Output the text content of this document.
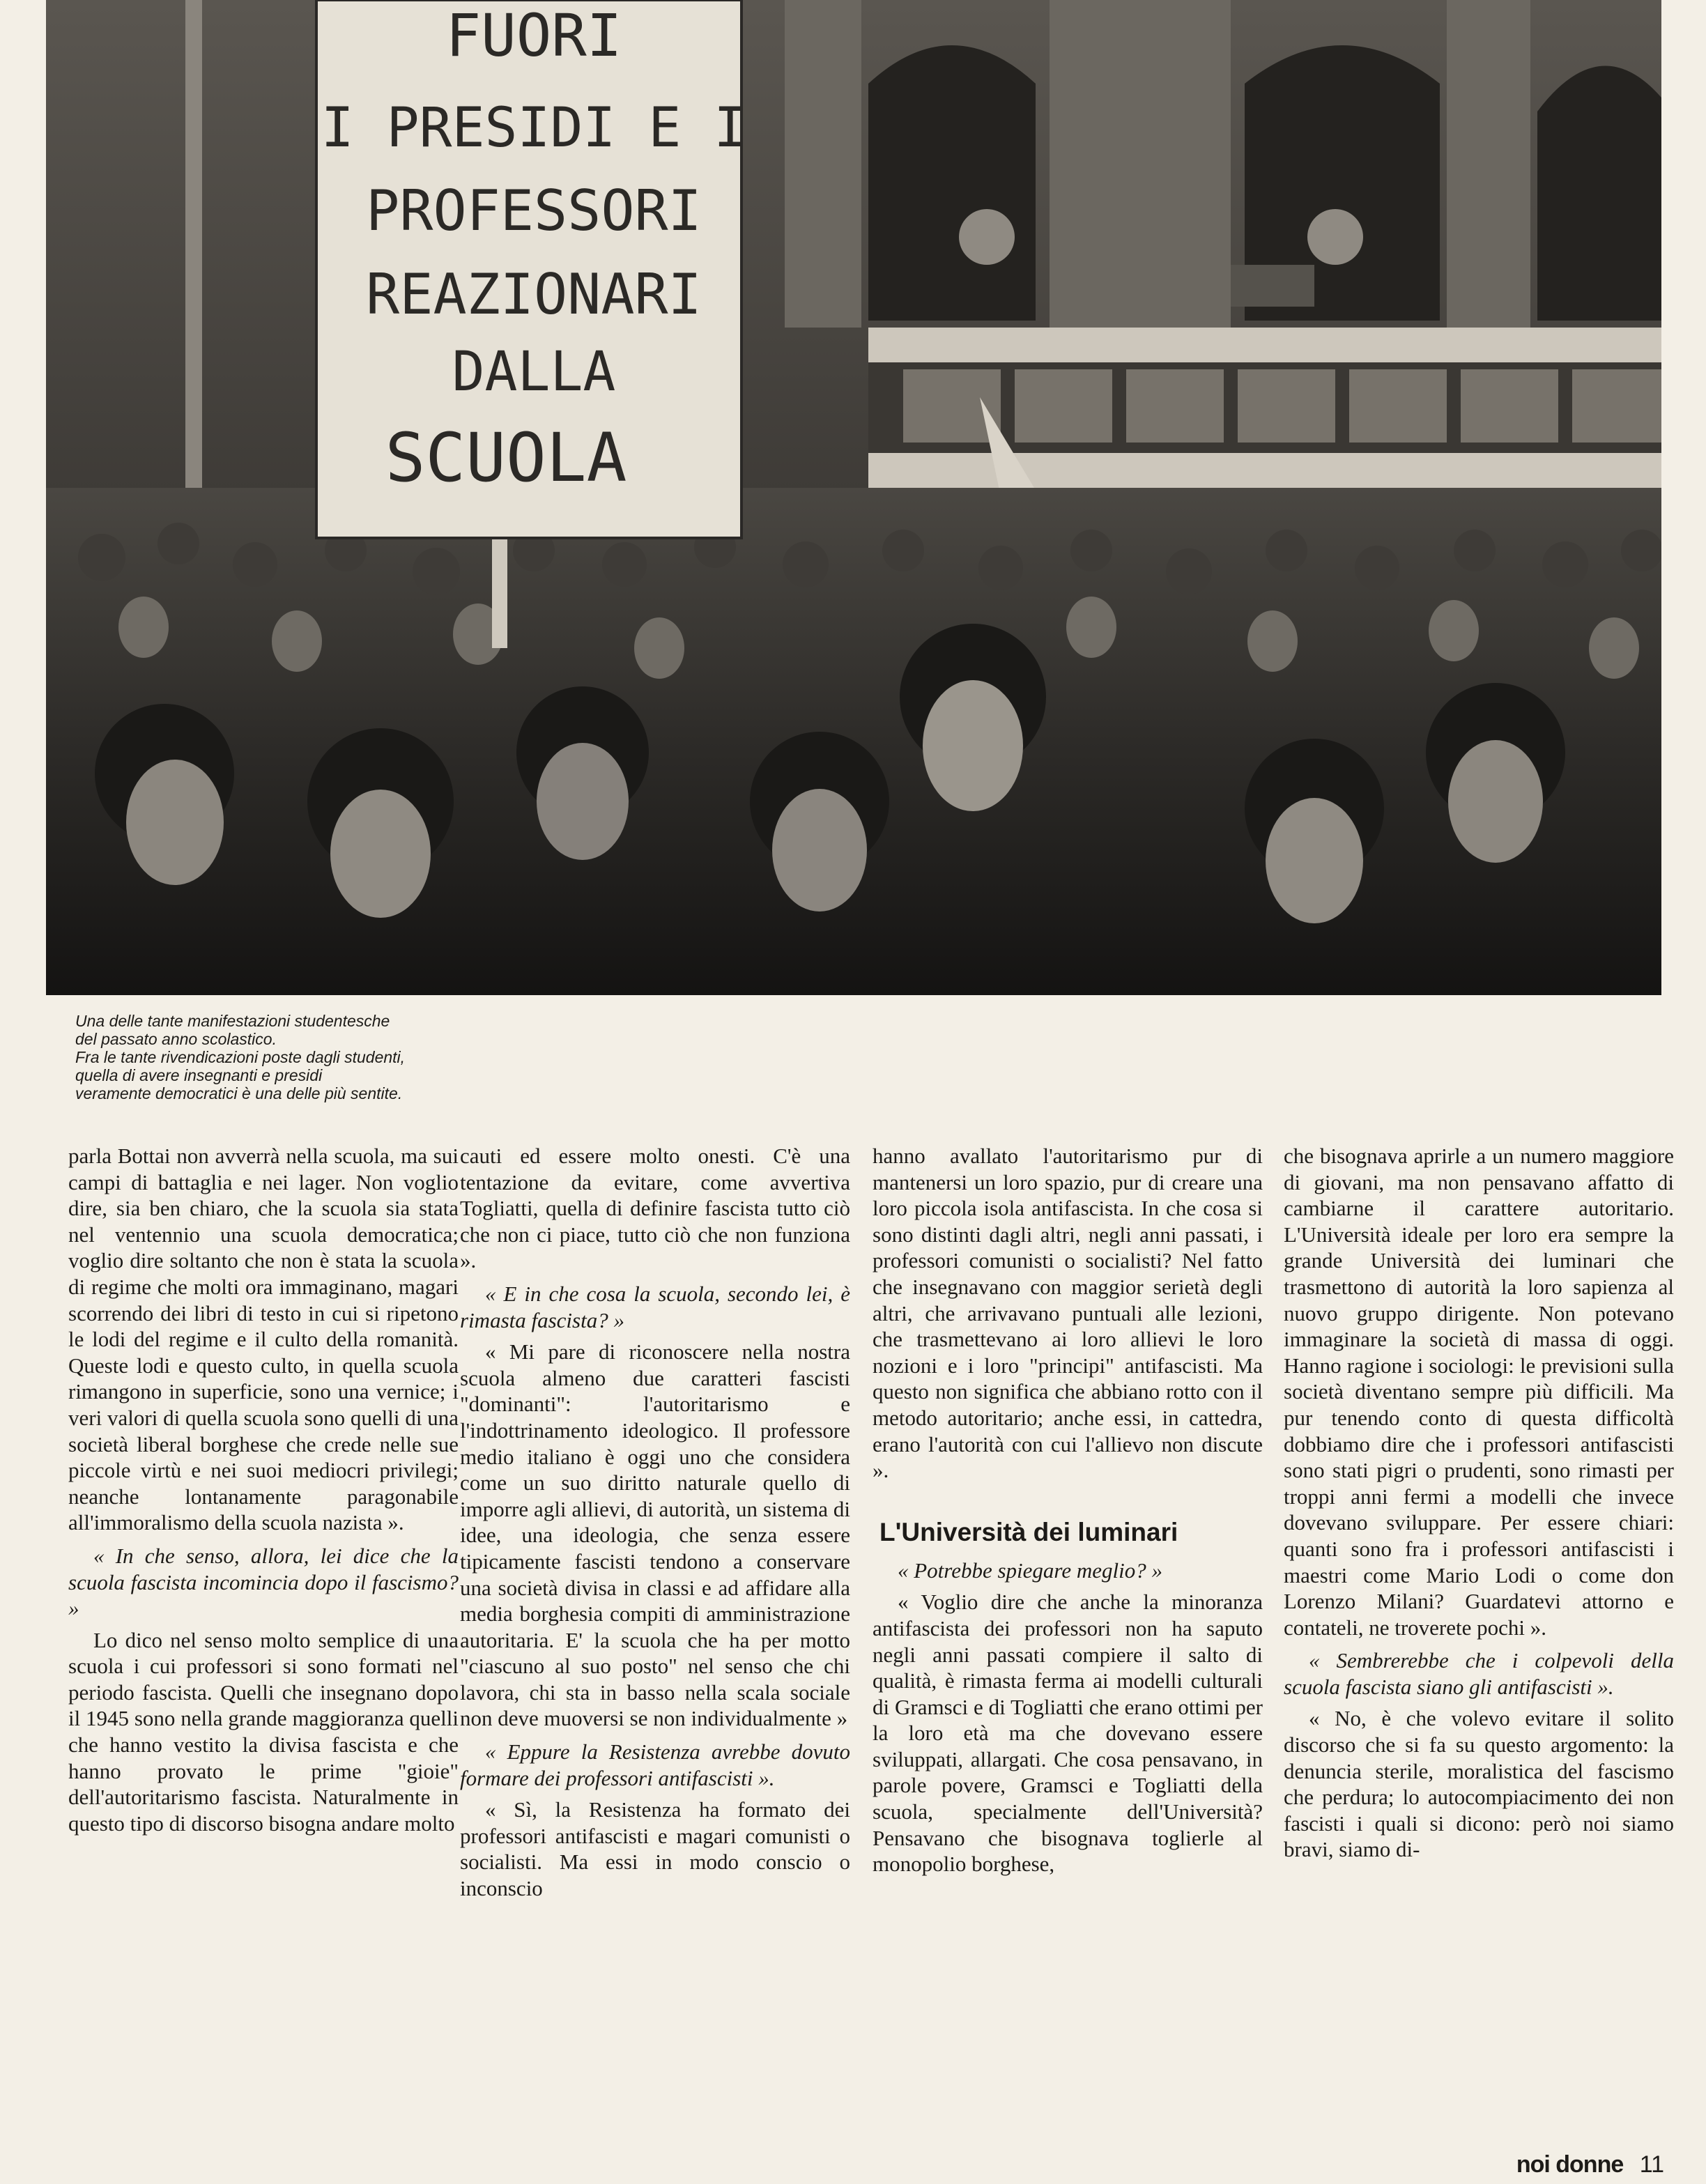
FUORI
I PRESIDI E I
PROFESSORI
REAZIONARI
DALLA
SCUOLA
Una delle tante manifestazioni studentesche
del passato anno scolastico.
Fra le tante rivendicazioni poste dagli studenti,
quella di avere insegnanti e presidi
veramente democratici è una delle più sentite.

parla Bottai non avverrà nella scuola, ma sui campi di battaglia e nei lager. Non voglio dire, sia ben chiaro, che la scuola sia stata nel ventennio una scuola democratica; voglio dire soltanto che non è stata la scuola di regime che molti ora immaginano, magari scorrendo dei libri di testo in cui si ripetono le lodi del regime e il culto della romanità. Queste lodi e questo culto, in quella scuola rimangono in superficie, sono una vernice; i veri valori di quella scuola sono quelli di una società liberal borghese che crede nelle sue piccole virtù e nei suoi mediocri privilegi; neanche lontanamente paragonabile all'immoralismo della scuola nazista ».

« In che senso, allora, lei dice che la scuola fascista incomincia dopo il fascismo? »

Lo dico nel senso molto semplice di una scuola i cui professori si sono formati nel periodo fascista. Quelli che insegnano dopo il 1945 sono nella grande maggioranza quelli che hanno vestito la divisa fascista e che hanno provato le prime "gioie" dell'autoritarismo fascista. Naturalmente in questo tipo di discorso bisogna andare molto

cauti ed essere molto onesti. C'è una tentazione da evitare, come avvertiva Togliatti, quella di definire fascista tutto ciò che non ci piace, tutto ciò che non funziona ».

« E in che cosa la scuola, secondo lei, è rimasta fascista? »

« Mi pare di riconoscere nella nostra scuola almeno due caratteri fascisti "dominanti": l'autoritarismo e l'indottrinamento ideologico. Il professore medio italiano è oggi uno che considera come un suo diritto naturale quello di imporre agli allievi, di autorità, un sistema di idee, una ideologia, che senza essere tipicamente fascisti tendono a conservare una società divisa in classi e ad affidare alla media borghesia compiti di amministrazione autoritaria. E' la scuola che ha per motto "ciascuno al suo posto" nel senso che chi lavora, chi sta in basso nella scala sociale non deve muoversi se non individualmente »

« Eppure la Resistenza avrebbe dovuto formare dei professori antifascisti ».

« Sì, la Resistenza ha formato dei professori antifascisti e magari comunisti o socialisti. Ma essi in modo conscio o inconscio

hanno avallato l'autoritarismo pur di mantenersi un loro spazio, pur di creare una loro piccola isola antifascista. In che cosa si sono distinti dagli altri, negli anni passati, i professori comunisti o socialisti? Nel fatto che insegnavano con maggior serietà degli altri, che arrivavano puntuali alle lezioni, che trasmettevano ai loro allievi le loro nozioni e i loro "principi" antifascisti. Ma questo non significa che abbiano rotto con il metodo autoritario; anche essi, in cattedra, erano l'autorità con cui l'allievo non discute ».

L'Università dei luminari

« Potrebbe spiegare meglio? »

« Voglio dire che anche la minoranza antifascista dei professori non ha saputo negli anni passati compiere il salto di qualità, è rimasta ferma ai modelli culturali di Gramsci e di Togliatti che erano ottimi per la loro età ma che dovevano essere sviluppati, allargati. Che cosa pensavano, in parole povere, Gramsci e Togliatti della scuola, specialmente dell'Università? Pensavano che bisognava toglierle al monopolio borghese,

che bisognava aprirle a un numero maggiore di giovani, ma non pensavano affatto di cambiarne il carattere autoritario. L'Università ideale per loro era sempre la grande Università dei luminari che trasmettono di autorità la loro sapienza al nuovo gruppo dirigente. Non potevano immaginare la società di massa di oggi. Hanno ragione i sociologi: le previsioni sulla società diventano sempre più difficili. Ma pur tenendo conto di questa difficoltà dobbiamo dire che i professori antifascisti sono stati pigri o prudenti, sono rimasti per troppi anni fermi a modelli che invece dovevano sviluppare. Per essere chiari: quanti sono fra i professori antifascisti i maestri come Mario Lodi o come don Lorenzo Milani? Guardatevi attorno e contateli, ne troverete pochi ».

« Sembrerebbe che i colpevoli della scuola fascista siano gli antifascisti ».

« No, è che volevo evitare il solito discorso che si fa su questo argomento: la denuncia sterile, moralistica del fascismo che perdura; lo autocompiacimento dei non fascisti i quali si dicono: però noi siamo bravi, siamo di-

noi donne 11
